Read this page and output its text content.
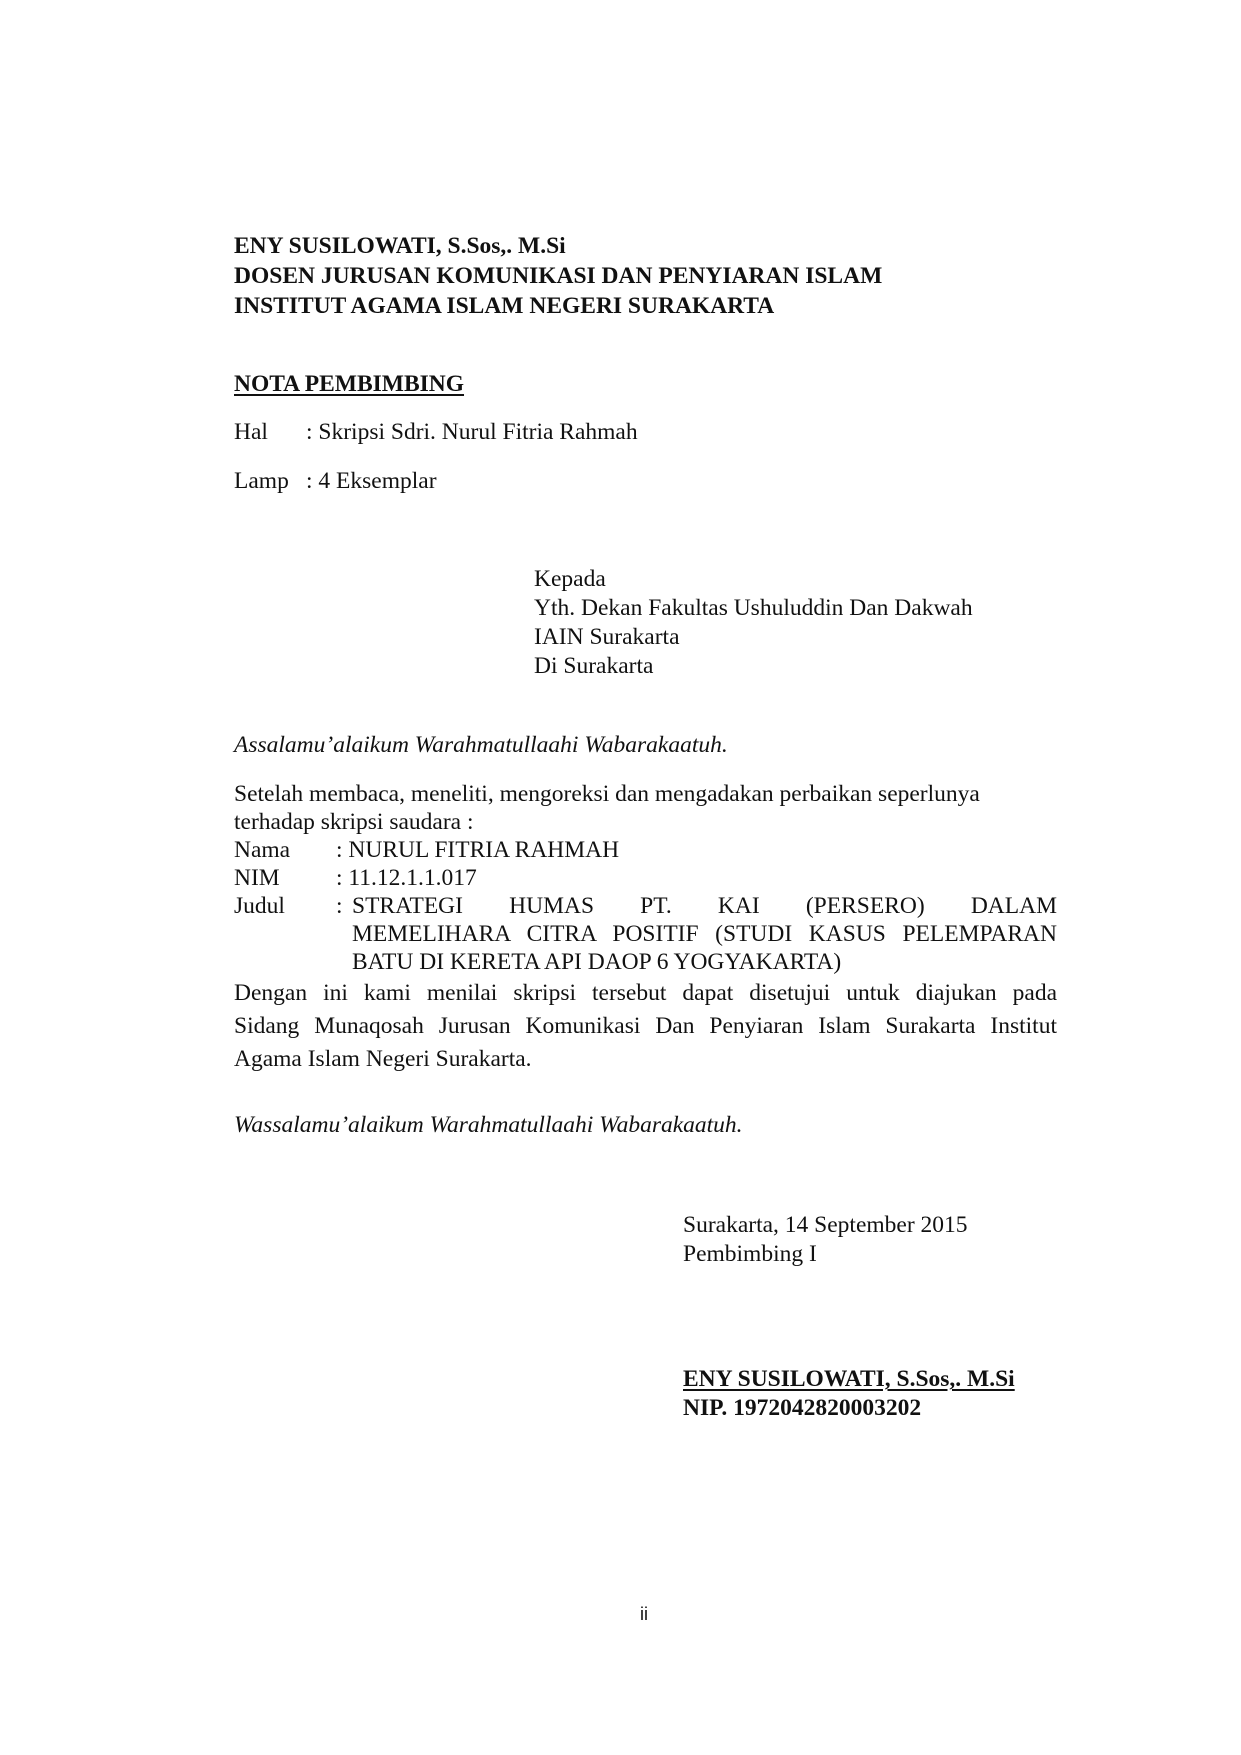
ENY SUSILOWATI, S.Sos,. M.Si
DOSEN JURUSAN KOMUNIKASI DAN PENYIARAN ISLAM
INSTITUT AGAMA ISLAM NEGERI SURAKARTA
NOTA PEMBIMBING
Hal : Skripsi Sdri. Nurul Fitria Rahmah
Lamp : 4 Eksemplar
Kepada
Yth. Dekan Fakultas Ushuluddin Dan Dakwah
IAIN Surakarta
Di Surakarta
Assalamu’alaikum Warahmatullaahi Wabarakaatuh.
Setelah membaca, meneliti, mengoreksi dan mengadakan perbaikan seperlunya
terhadap skripsi saudara :
Nama : NURUL FITRIA RAHMAH
NIM : 11.12.1.1.017
Judul : STRATEGI HUMAS PT. KAI (PERSERO) DALAM
MEMELIHARA CITRA POSITIF (STUDI KASUS PELEMPARAN
BATU DI KERETA API DAOP 6 YOGYAKARTA)
Dengan ini kami menilai skripsi tersebut dapat disetujui untuk diajukan pada
Sidang Munaqosah Jurusan Komunikasi Dan Penyiaran Islam Surakarta Institut
Agama Islam Negeri Surakarta.
Wassalamu’alaikum Warahmatullaahi Wabarakaatuh.
Surakarta, 14 September 2015
Pembimbing I
ENY SUSILOWATI, S.Sos,. M.Si
NIP. 1972042820003202
ii
